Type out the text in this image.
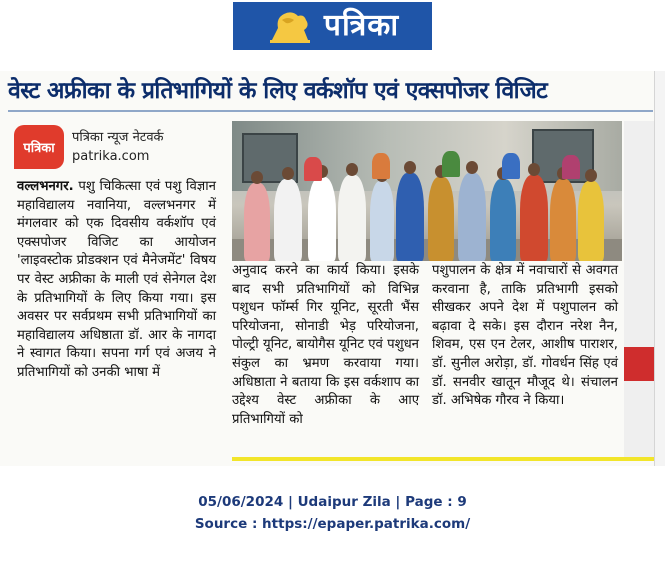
पत्रिका
वेस्ट अफ्रीका के प्रतिभागियों के लिए वर्कशॉप एवं एक्सपोजर विजिट
पत्रिका
पत्रिका न्यूज नेटवर्क
patrika.com

वल्लभनगर. पशु चिकित्सा एवं पशु विज्ञान महाविद्यालय नवानिया, वल्लभनगर में मंगलवार को एक दिवसीय वर्कशॉप एवं एक्सपोजर विजिट का आयोजन 'लाइवस्टोक प्रोडक्शन एवं मैनेजमेंट' विषय पर वेस्ट अफ्रीका के माली एवं सेनेगल देश के प्रतिभागियों के लिए किया गया। इस अवसर पर सर्वप्रथम सभी प्रतिभागियों का महाविद्यालय अधिष्ठाता डॉ. आर के नागदा ने स्वागत किया। सपना गर्ग एवं अजय ने प्रतिभागियों को उनकी भाषा में

अनुवाद करने का कार्य किया। इसके बाद सभी प्रतिभागियों को विभिन्न पशुधन फॉर्म्स गिर यूनिट, सूरती भैंस परियोजना, सोनाडी भेड़ परियोजना, पोल्ट्री यूनिट, बायोगैस यूनिट एवं पशुधन संकुल का भ्रमण करवाया गया। अधिष्ठाता ने बताया कि इस वर्कशाप का उद्देश्य वेस्ट अफ्रीका के आए प्रतिभागियों को

पशुपालन के क्षेत्र में नवाचारों से अवगत करवाना है, ताकि प्रतिभागी इसको सीखकर अपने देश में पशुपालन को बढ़ावा दे सके। इस दौरान नरेश नैन, शिवम, एस एन टेलर, आशीष पाराशर, डॉ. सुनील अरोड़ा, डॉ. गोवर्धन सिंह एवं डॉ. सनवीर खातून मौजूद थे। संचालन डॉ. अभिषेक गौरव ने किया।

05/06/2024 | Udaipur Zila | Page : 9
Source : https://epaper.patrika.com/
